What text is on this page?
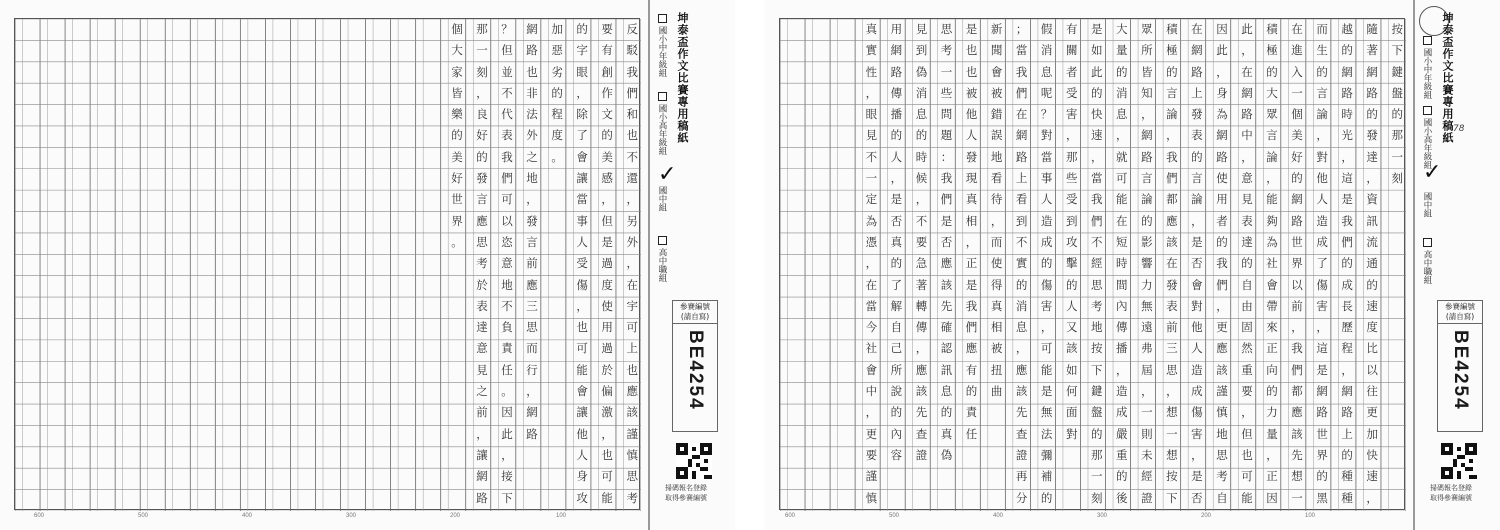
反
駁
我
們
和
也
不
還
，
另
外
，
在
宇
可
上
也
應
該
謹
慎
思
考
要
有
創
作
文
的
美
感
，
但
是
過
度
使
用
過
於
偏
激
，
也
可
能
的
字
眼
，
除
了
會
讓
當
事
人
受
傷
，
也
可
能
會
讓
他
人
身
攻
加
惡
劣
的
程
度
。
網
路
也
非
法
外
之
地
，
發
言
前
應
三
思
而
行
，
網
路
？
但
並
不
代
表
我
們
可
以
恣
意
地
不
負
責
任
。
因
此
，
接
下
那
一
刻
，
良
好
的
發
言
應
思
考
於
表
達
意
見
之
前
，
讓
網
路
個
大
家
皆
樂
的
美
好
世
界
。
600	500	400	300	200	100
坤泰盃作文比賽專用稿紙
國小中年級組
國小高年級組
✓
國中組
高中職組
參賽編號
(請自寫)
BE4254
掃碼報名登錄
取得參賽編號
按
下
鍵
盤
的
那
一
刻
隨
著
網
路
的
發
達
，
資
訊
流
通
的
速
度
比
以
往
更
加
快
速
，
越
的
網
路
時
光
，
這
是
我
們
的
成
長
歷
程
，
網
路
上
的
種
種
而
生
的
言
論
，
對
他
人
造
成
了
傷
害
，
這
是
網
路
世
界
的
黑
在
進
入
一
個
美
好
的
網
路
世
界
以
前
，
我
們
都
應
該
先
想
一
積
極
的
大
眾
言
論
，
能
夠
為
社
會
帶
來
正
向
的
力
量
，
正
因
此
，
在
網
路
中
，
意
見
表
達
的
自
由
固
然
重
要
，
但
也
可
能
因
此
，
身
為
網
路
使
用
者
的
我
們
，
更
應
該
謹
慎
地
思
考
自
在
網
路
上
發
表
的
言
論
，
是
否
會
對
他
人
造
成
傷
害
，
是
否
積
極
的
言
論
，
我
們
都
應
該
在
發
表
前
三
思
，
想
一
想
按
下
眾
所
皆
知
，
網
路
言
論
的
影
響
力
無
遠
弗
屆
，
一
則
未
經
證
大
量
的
消
息
，
就
可
能
在
短
時
間
內
傳
播
，
造
成
嚴
重
的
後
是
如
此
的
快
速
，
當
我
們
不
經
思
考
地
按
下
鍵
盤
的
那
一
刻
有
關
者
受
害
，
那
些
受
到
攻
擊
的
人
又
該
如
何
面
對
假
消
息
呢
？
對
當
事
人
造
成
的
傷
害
，
可
能
是
無
法
彌
補
的
；
當
我
們
在
網
路
上
看
到
不
實
的
消
息
，
應
該
先
查
證
再
分
新
聞
會
被
錯
誤
地
看
待
，
而
使
得
真
相
被
扭
曲
是
也
也
被
他
人
發
現
真
相
，
正
是
我
們
應
有
的
責
任
思
考
一
些
問
題
：
我
們
是
否
應
該
先
確
認
訊
息
的
真
偽
見
到
偽
消
息
的
時
候
，
不
要
急
著
轉
傳
，
應
該
先
查
證
用
網
路
傳
播
的
人
，
是
否
真
的
了
解
自
己
所
說
的
內
容
真
實
性
，
眼
見
不
一
定
為
憑
，
在
當
今
社
會
中
，
更
要
謹
慎
600	500	400	300	200	100
78
坤泰盃作文比賽專用稿紙
國小中年級組
國小高年級組
✓
國中組
高中職組
參賽編號
(請自寫)
BE4254
掃碼報名登錄
取得參賽編號
